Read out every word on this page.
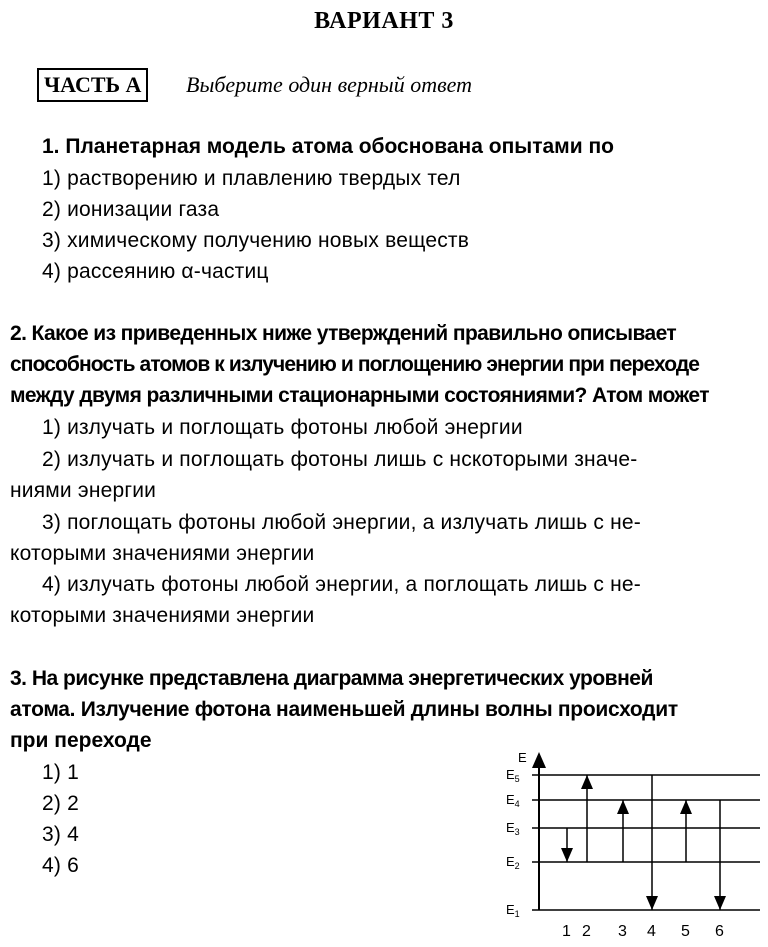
ВАРИАНТ 3
ЧАСТЬ А	Выберите один верный ответ
1. Планетарная модель атома обоснована опытами по
1) растворению и плавлению твердых тел
2) ионизации газа
3) химическому получению новых веществ
4) рассеянию α-частиц
2. Какое из приведенных ниже утверждений правильно описывает
способность атомов к излучению и поглощению энергии при переходе
между двумя различными стационарными состояниями? Атом может
1) излучать и поглощать фотоны любой энергии
2) излучать и поглощать фотоны лишь с нскоторыми значе-
ниями энергии
3) поглощать фотоны любой энергии, а излучать лишь с не-
которыми значениями энергии
4) излучать фотоны любой энергии, а поглощать лишь с не-
которыми значениями энергии
3. На рисунке представлена диаграмма энергетических уровней
атома. Излучение фотона наименьшей длины волны происходит
при переходе
1) 1
2) 2
3) 4
4) 6
E
$E_5$
$E_4$
$E_3$
$E_2$
$E_1$
1 2 3 4 5 6
